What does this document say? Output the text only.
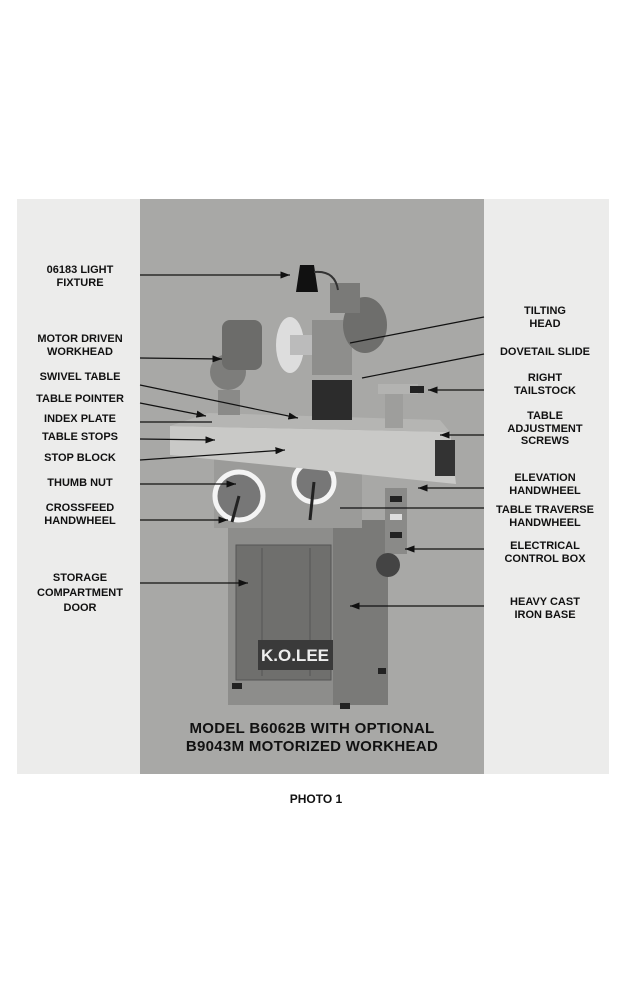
K.O.LEE
06183 LIGHT
FIXTURE
MOTOR DRIVEN
WORKHEAD
SWIVEL TABLE
TABLE POINTER
INDEX PLATE
TABLE STOPS
STOP BLOCK
THUMB NUT
CROSSFEED
HANDWHEEL
STORAGE
COMPARTMENT
DOOR
TILTING
HEAD
DOVETAIL SLIDE
RIGHT
TAILSTOCK
TABLE
ADJUSTMENT
SCREWS
ELEVATION
HANDWHEEL
TABLE TRAVERSE
HANDWHEEL
ELECTRICAL
CONTROL BOX
HEAVY CAST
IRON BASE
MODEL B6062B WITH OPTIONAL
B9043M MOTORIZED WORKHEAD
PHOTO 1
